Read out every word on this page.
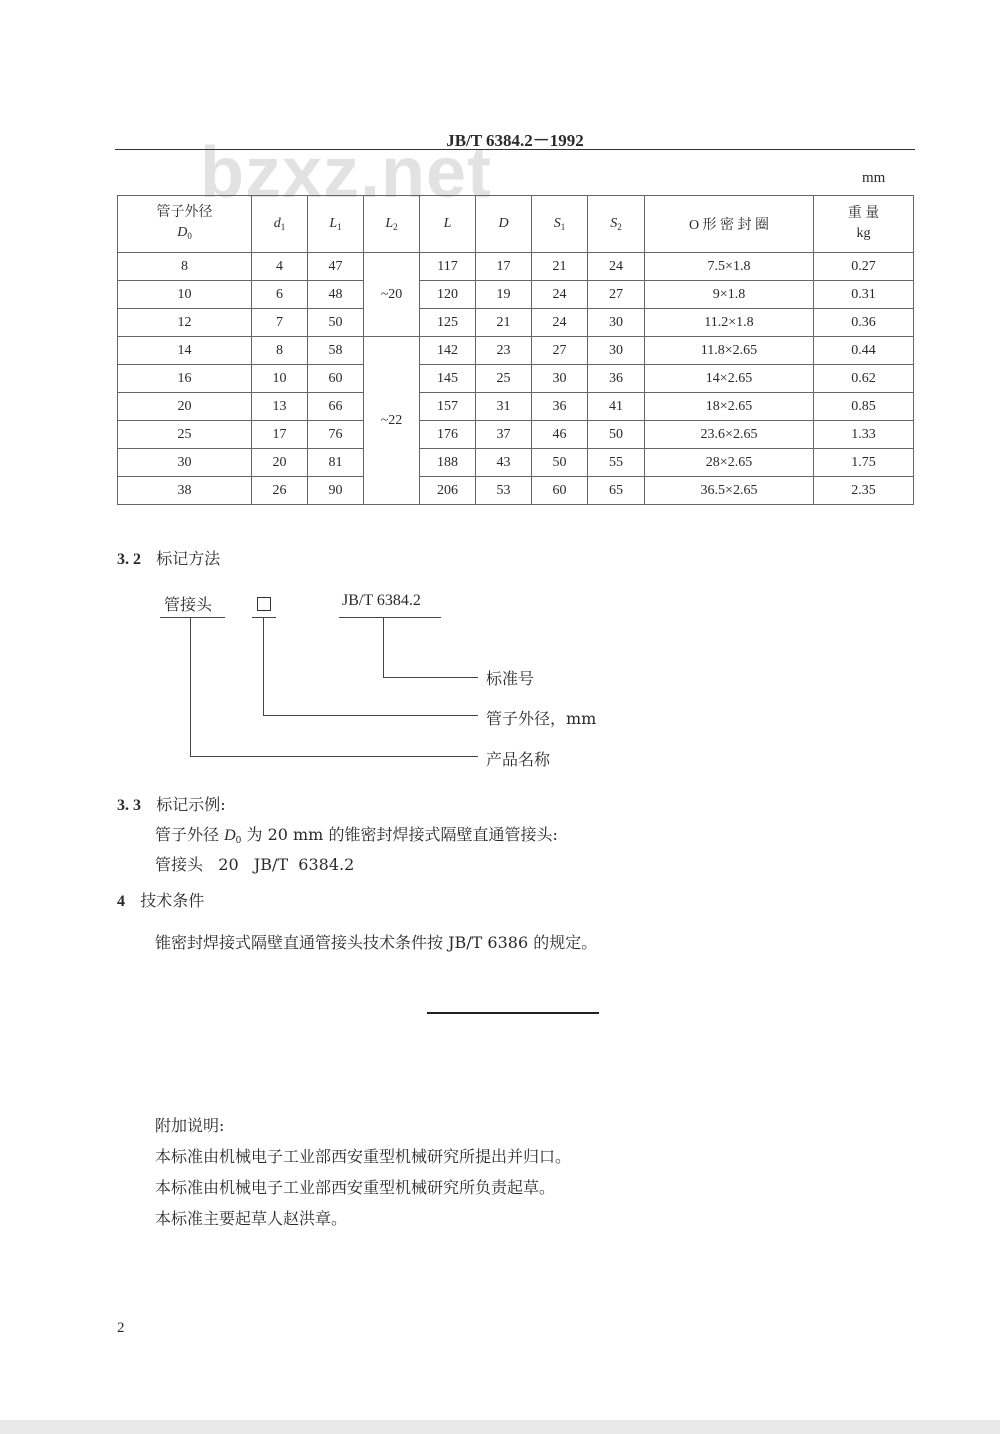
bzxz.net
JB/T 6384.2－1992
mm
管子外径
$D_0$	$d_1$	$L_1$	$L_2$	L	D	$S_1$	$S_2$	O 形 密 封 圈	重 量
kg

8	4	47	~20	117	17	21	24	7.5×1.8	0.27
10	6	48		120	19	24	27	9×1.8	0.31
12	7	50		125	21	24	30	11.2×1.8	0.36
14	8	58	~22	142	23	27	30	11.8×2.65	0.44
16	10	60		145	25	30	36	14×2.65	0.62
20	13	66		157	31	36	41	18×2.65	0.85
25	17	76		176	37	46	50	23.6×2.65	1.33
30	20	81		188	43	50	55	28×2.65	1.75
38	26	90		206	53	60	65	36.5×2.65	2.35
3. 2 标记方法
管接头	JB/T 6384.2
标准号
管子外径，mm
产品名称
3. 3 标记示例:
管子外径 $D_0$ 为 20 mm 的锥密封焊接式隔壁直通管接头:
管接头   20   JB/T  6384.2
4 技术条件
锥密封焊接式隔壁直通管接头技术条件按 JB/T 6386 的规定。
附加说明:
本标准由机械电子工业部西安重型机械研究所提出并归口。
本标准由机械电子工业部西安重型机械研究所负责起草。
本标准主要起草人赵洪章。
2
